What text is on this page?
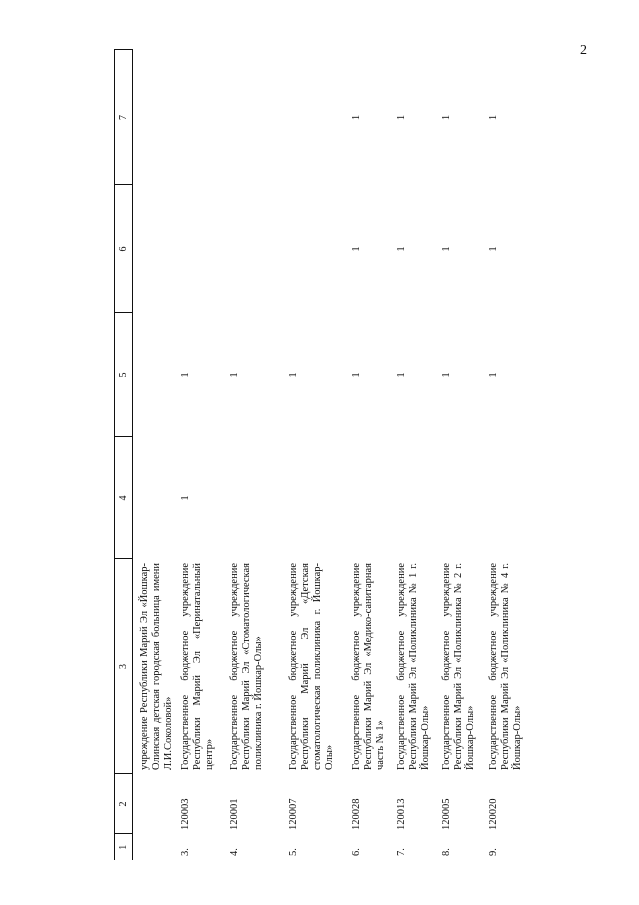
2
1	2	3	4	5	6	7
		учреждение Республики Марий Эл «Йошкар-Олинская детская городская больница имени Л.И.Соколовой»				
3.	120003	Государственное бюджетное учреждение Республики Марий Эл «Перинатальный центр»	1	1		
4.	120001	Государственное бюджетное учреждение Республики Марий Эл «Стоматологическая поликлиника г. Йошкар-Олы»		1		
5.	120007	Государственное бюджетное учреждение Республики Марий Эл «Детская стоматологическая поликлиника г. Йошкар-Олы»		1		
6.	120028	Государственное бюджетное учреждение Республики Марий Эл «Медико-санитарная часть № 1»		1	1	1
7.	120013	Государственное бюджетное учреждение Республики Марий Эл «Поликлиника № 1 г. Йошкар-Олы»		1	1	1
8.	120005	Государственное бюджетное учреждение Республики Марий Эл «Поликлиника № 2 г. Йошкар-Олы»		1	1	1
9.	120020	Государственное бюджетное учреждение Республики Марий Эл «Поликлиника № 4 г. Йошкар-Олы»		1	1	1
